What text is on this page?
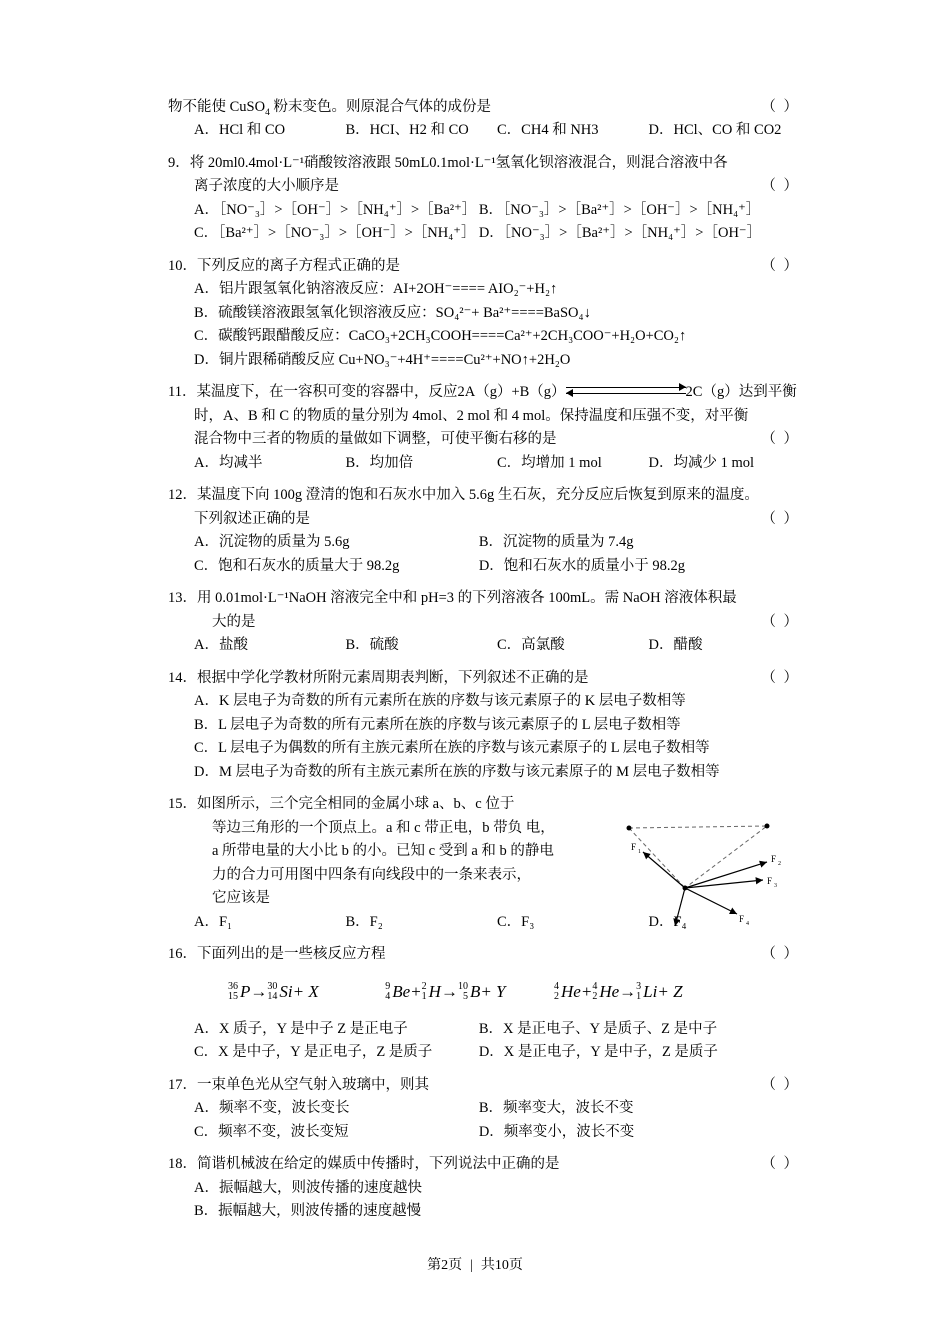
物不能使 CuSO$_4$ 粉末变色。则原混合气体的成份是	（ ）
A．HCl 和 CO	B．HCI、H2 和 CO	C．CH4 和 NH3	D．HCl、CO 和 CO2
9．将 20ml0.4mol·L⁻¹硝酸铵溶液跟 50mL0.1mol·L⁻¹氢氧化钡溶液混合，则混合溶液中各
离子浓度的大小顺序是	（ ）
A．［NO⁻₃］>［OH⁻］>［NH₄⁺］>［Ba²⁺］ B．［NO⁻₃］>［Ba²⁺］>［OH⁻］>［NH₄⁺］
C．［Ba²⁺］>［NO⁻₃］>［OH⁻］>［NH₄⁺］ D．［NO⁻₃］>［Ba²⁺］>［NH₄⁺］>［OH⁻］
10．下列反应的离子方程式正确的是	（ ）
A．铝片跟氢氧化钠溶液反应：AI+2OH⁻==== AIO₂⁻+H₂↑
B．硫酸镁溶液跟氢氧化钡溶液反应：SO₄²⁻+ Ba²⁺====BaSO₄↓
C．碳酸钙跟醋酸反应：CaCO₃+2CH₃COOH====Ca²⁺+2CH₃COO⁻+H₂O+CO₂↑
D．铜片跟稀硝酸反应 Cu+NO₃⁻+4H⁺====Cu²⁺+NO↑+2H₂O
11．某温度下，在一容积可变的容器中，反应2A（g）+B（g）	2C（g）达到平衡
时，A、B 和 C 的物质的量分别为 4mol、2 mol 和 4 mol。保持温度和压强不变，对平衡
混合物中三者的物质的量做如下调整，可使平衡右移的是	（ ）
A．均减半	B．均加倍	C．均增加 1 mol	D．均减少 1 mol
12．某温度下向 100g 澄清的饱和石灰水中加入 5.6g 生石灰，充分反应后恢复到原来的温度。
下列叙述正确的是	（ ）
A．沉淀物的质量为 5.6g	B．沉淀物的质量为 7.4g
C．饱和石灰水的质量大于 98.2g	D．饱和石灰水的质量小于 98.2g
13．用 0.01mol·L⁻¹NaOH 溶液完全中和 pH=3 的下列溶液各 100mL。需 NaOH 溶液体积最
大的是	（ ）
A．盐酸	B．硫酸	C．高氯酸	D．醋酸
14．根据中学化学教材所附元素周期表判断，下列叙述不正确的是	（ ）
A．K 层电子为奇数的所有元素所在族的序数与该元素原子的 K 层电子数相等
B．L 层电子为奇数的所有元素所在族的序数与该元素原子的 L 层电子数相等
C．L 层电子为偶数的所有主族元素所在族的序数与该元素原子的 L 层电子数相等
D．M 层电子为奇数的所有主族元素所在族的序数与该元素原子的 M 层电子数相等
15．如图所示，三个完全相同的金属小球 a、b、c 位于
等边三角形的一个顶点上。a 和 c 带正电，b 带负 电，
a 所带电量的大小比 b 的小。已知 c 受到 a 和 b 的静电
力的合力可用图中四条有向线段中的一条来表示，
它应该是
A．F₁	B．F₂	C．F₃	D．F₄
F 1
F 2
F 3
F 4
16．下面列出的是一些核反应方程	（ ）
36
15 P→ 30
14 Si+ X	9
4 Be+ 2
1 H→ 10
5 B+ Y	4
2 He+ 4
2 He→ 3
1 Li+ Z
A．X 质子，Y 是中子 Z 是正电子	B．X 是正电子、Y 是质子、Z 是中子
C．X 是中子，Y 是正电子，Z 是质子	D．X 是正电子，Y 是中子，Z 是质子
17．一束单色光从空气射入玻璃中，则其	（ ）
A．频率不变，波长变长	B．频率变大，波长不变
C．频率不变，波长变短	D．频率变小，波长不变
18．简谐机械波在给定的媒质中传播时，下列说法中正确的是	（ ）
A．振幅越大，则波传播的速度越快
B．振幅越大，则波传播的速度越慢
第2页 | 共10页
